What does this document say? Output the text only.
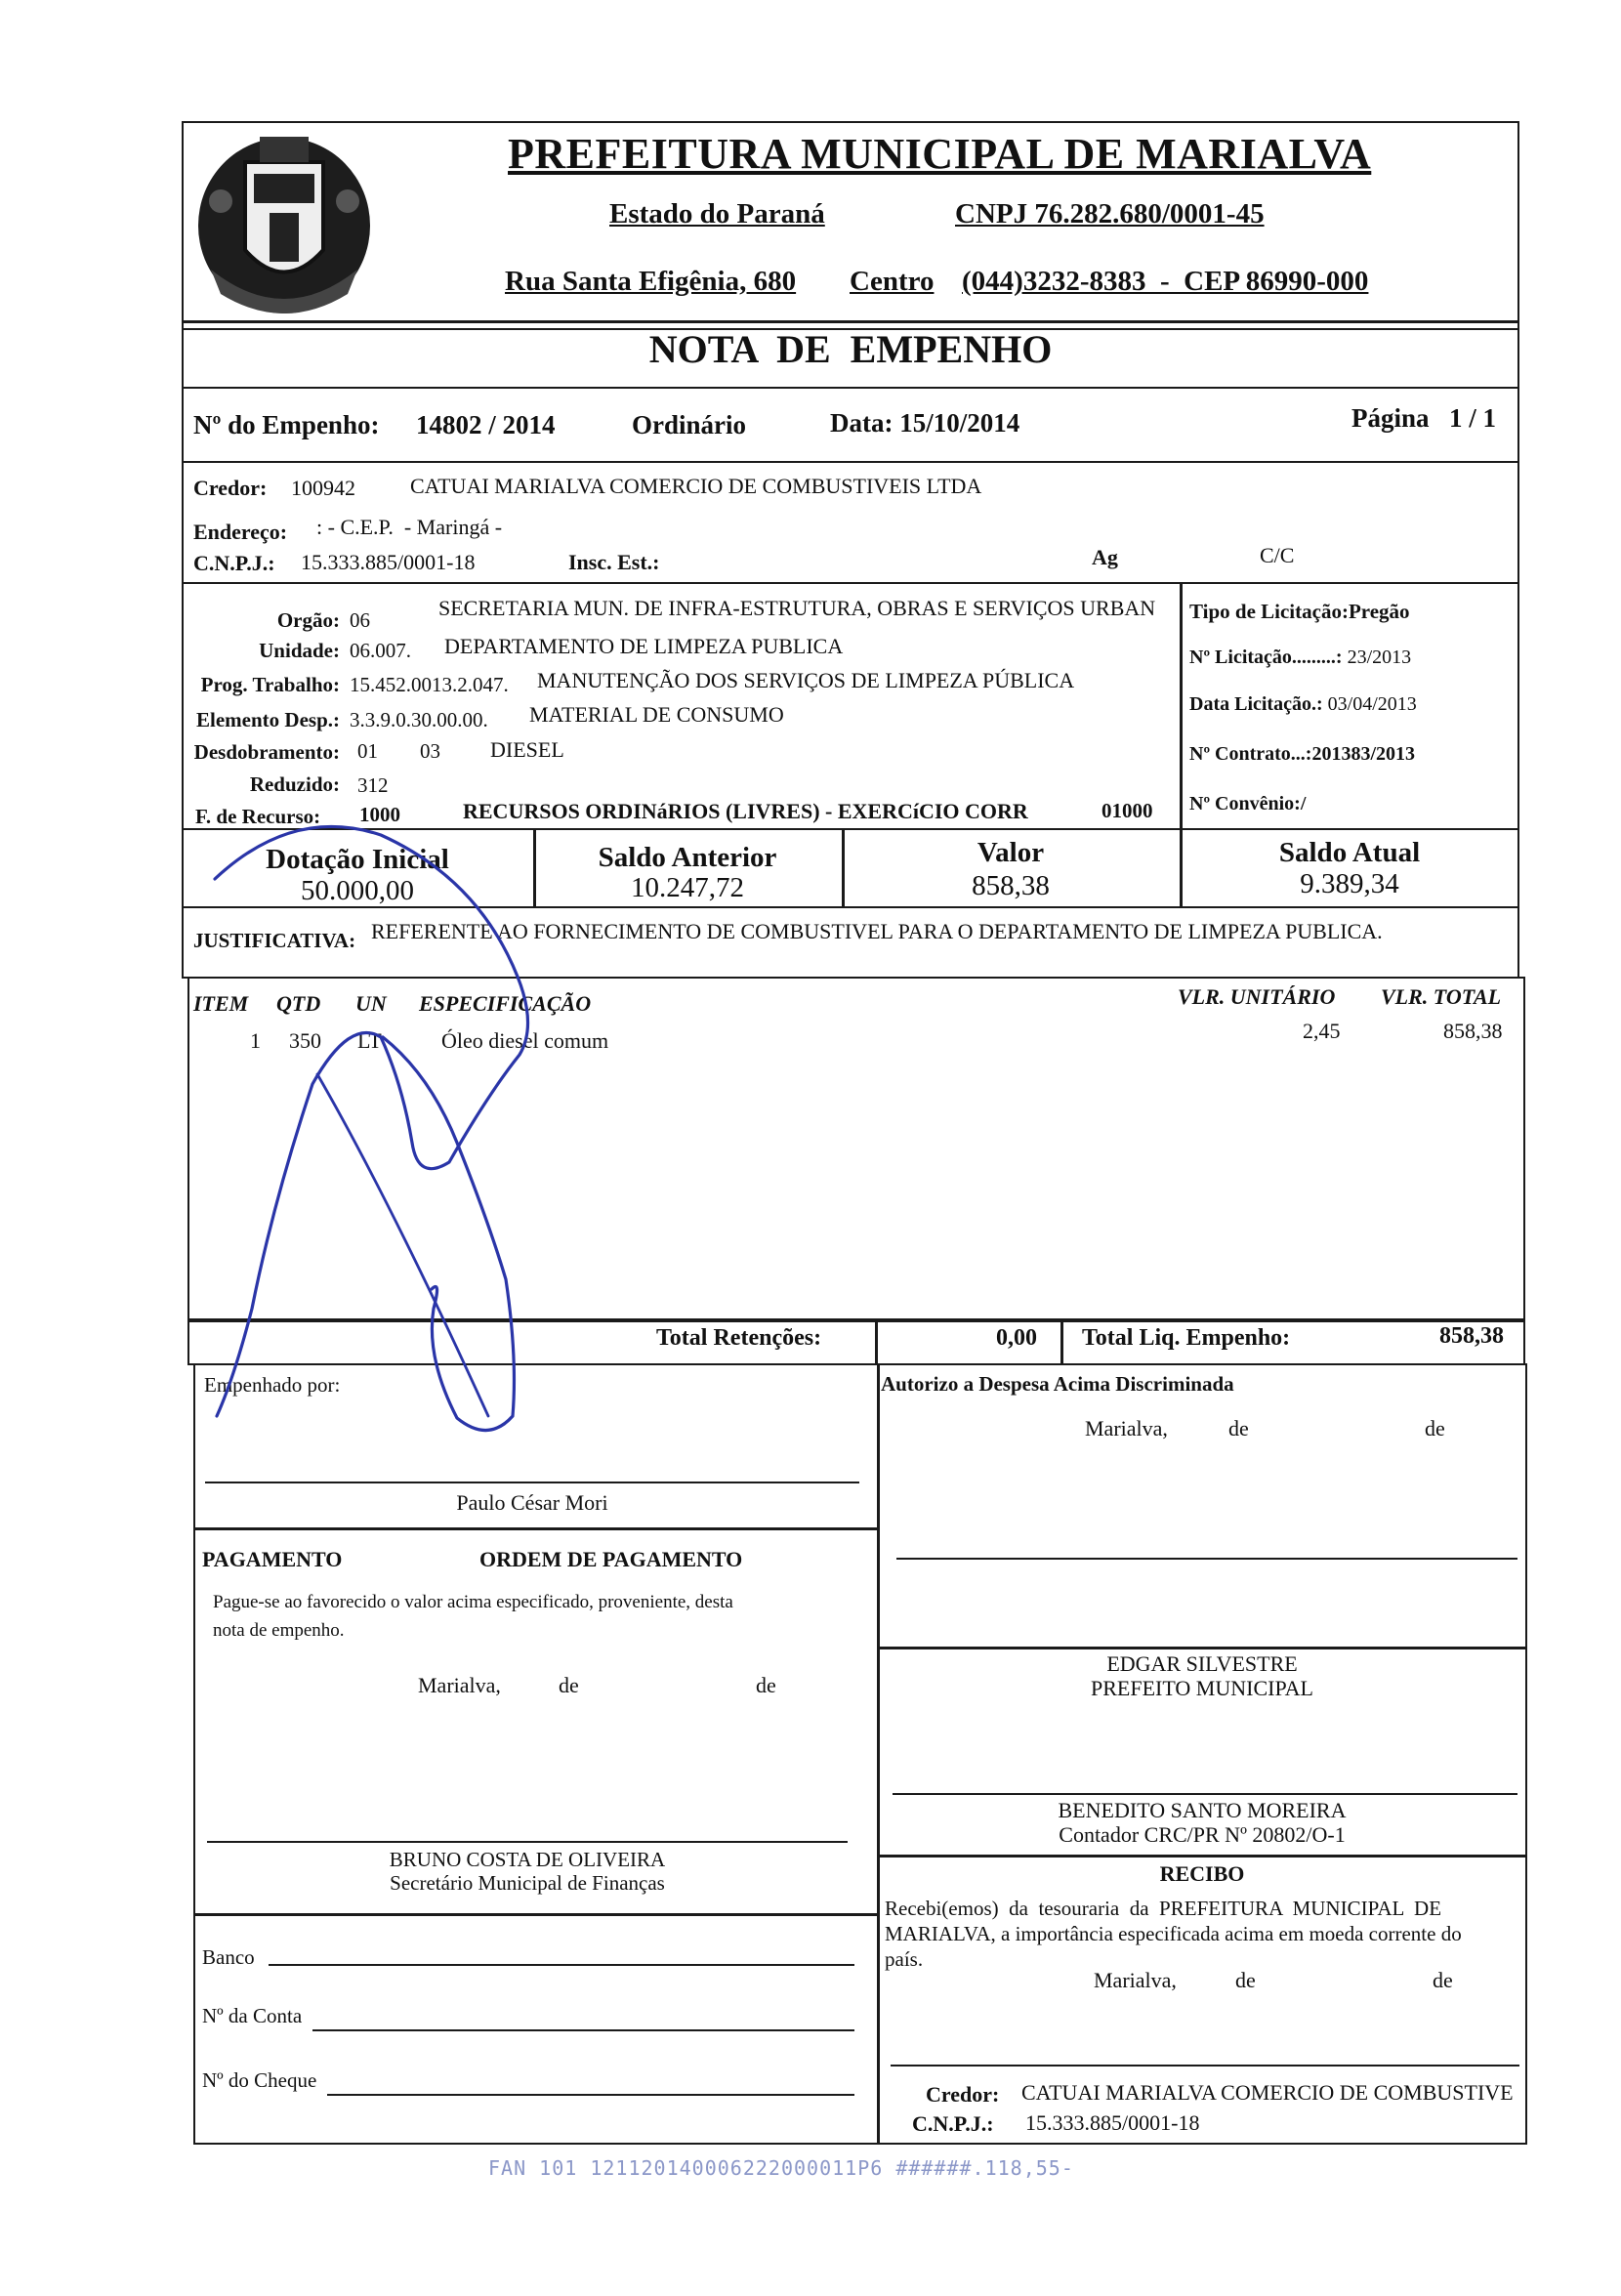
PREFEITURA MUNICIPAL DE MARIALVA
Estado do Paraná	CNPJ 76.282.680/0001-45
Rua Santa Efigênia, 680 Centro (044)3232-8383  -  CEP 86990-000
NOTA  DE  EMPENHO
Nº do Empenho: 14802 / 2014	Ordinário	Data: 15/10/2014	Página 1 / 1
Credor: 100942	CATUAI MARIALVA COMERCIO DE COMBUSTIVEIS LTDA
Endereço: : - C.E.P.  - Maringá -
C.N.P.J.: 15.333.885/0001-18	Insc. Est.:	Ag	C/C
Orgão: 06	SECRETARIA MUN. DE INFRA-ESTRUTURA, OBRAS E SERVIÇOS URBAN
Unidade: 06.007. DEPARTAMENTO DE LIMPEZA PUBLICA
Prog. Trabalho: 15.452.0013.2.047. MANUTENÇÃO DOS SERVIÇOS DE LIMPEZA PÚBLICA
Elemento Desp.: 3.3.9.0.30.00.00. MATERIAL DE CONSUMO
Desdobramento: 01 03 DIESEL
Reduzido: 312
F. de Recurso: 1000	RECURSOS ORDINáRIOS (LIVRES) - EXERCíCIO CORR	01000
Tipo de Licitação:Pregão
Nº Licitação.........: 23/2013
Data Licitação.: 03/04/2013
Nº Contrato...:201383/2013
Nº Convênio:/
Dotação Inicial
50.000,00
Saldo Anterior
10.247,72
Valor
858,38
Saldo Atual
9.389,34
JUSTIFICATIVA: REFERENTE AO FORNECIMENTO DE COMBUSTIVEL PARA O DEPARTAMENTO DE LIMPEZA PUBLICA.
ITEM QTD UN ESPECIFICAÇÃO	VLR. UNITÁRIO VLR. TOTAL
1 350 LT	Óleo diesel comum	2,45	858,38
Total Retenções:	0,00 Total Liq. Empenho:	858,38
Empenhado por:
Paulo César Mori
Autorizo a Despesa Acima Discriminada
Marialva,	de	de
EDGAR SILVESTRE
PREFEITO MUNICIPAL
BENEDITO SANTO MOREIRA
Contador CRC/PR Nº 20802/O-1
PAGAMENTO	ORDEM DE PAGAMENTO
Pague-se ao favorecido o valor acima especificado, proveniente, desta
nota de empenho.
Marialva,	de	de
BRUNO COSTA DE OLIVEIRA
Secretário Municipal de Finanças
Banco
Nº da Conta
Nº do Cheque
RECIBO
Recebi(emos)  da  tesouraria  da  PREFEITURA  MUNICIPAL  DE
MARIALVA, a importância especificada acima em moeda corrente do
país.
Marialva,	de	de
Credor: CATUAI MARIALVA COMERCIO DE COMBUSTIVE
C.N.P.J.: 15.333.885/0001-18
FAN 101 121120140006222000011P6 ######.118,55-
